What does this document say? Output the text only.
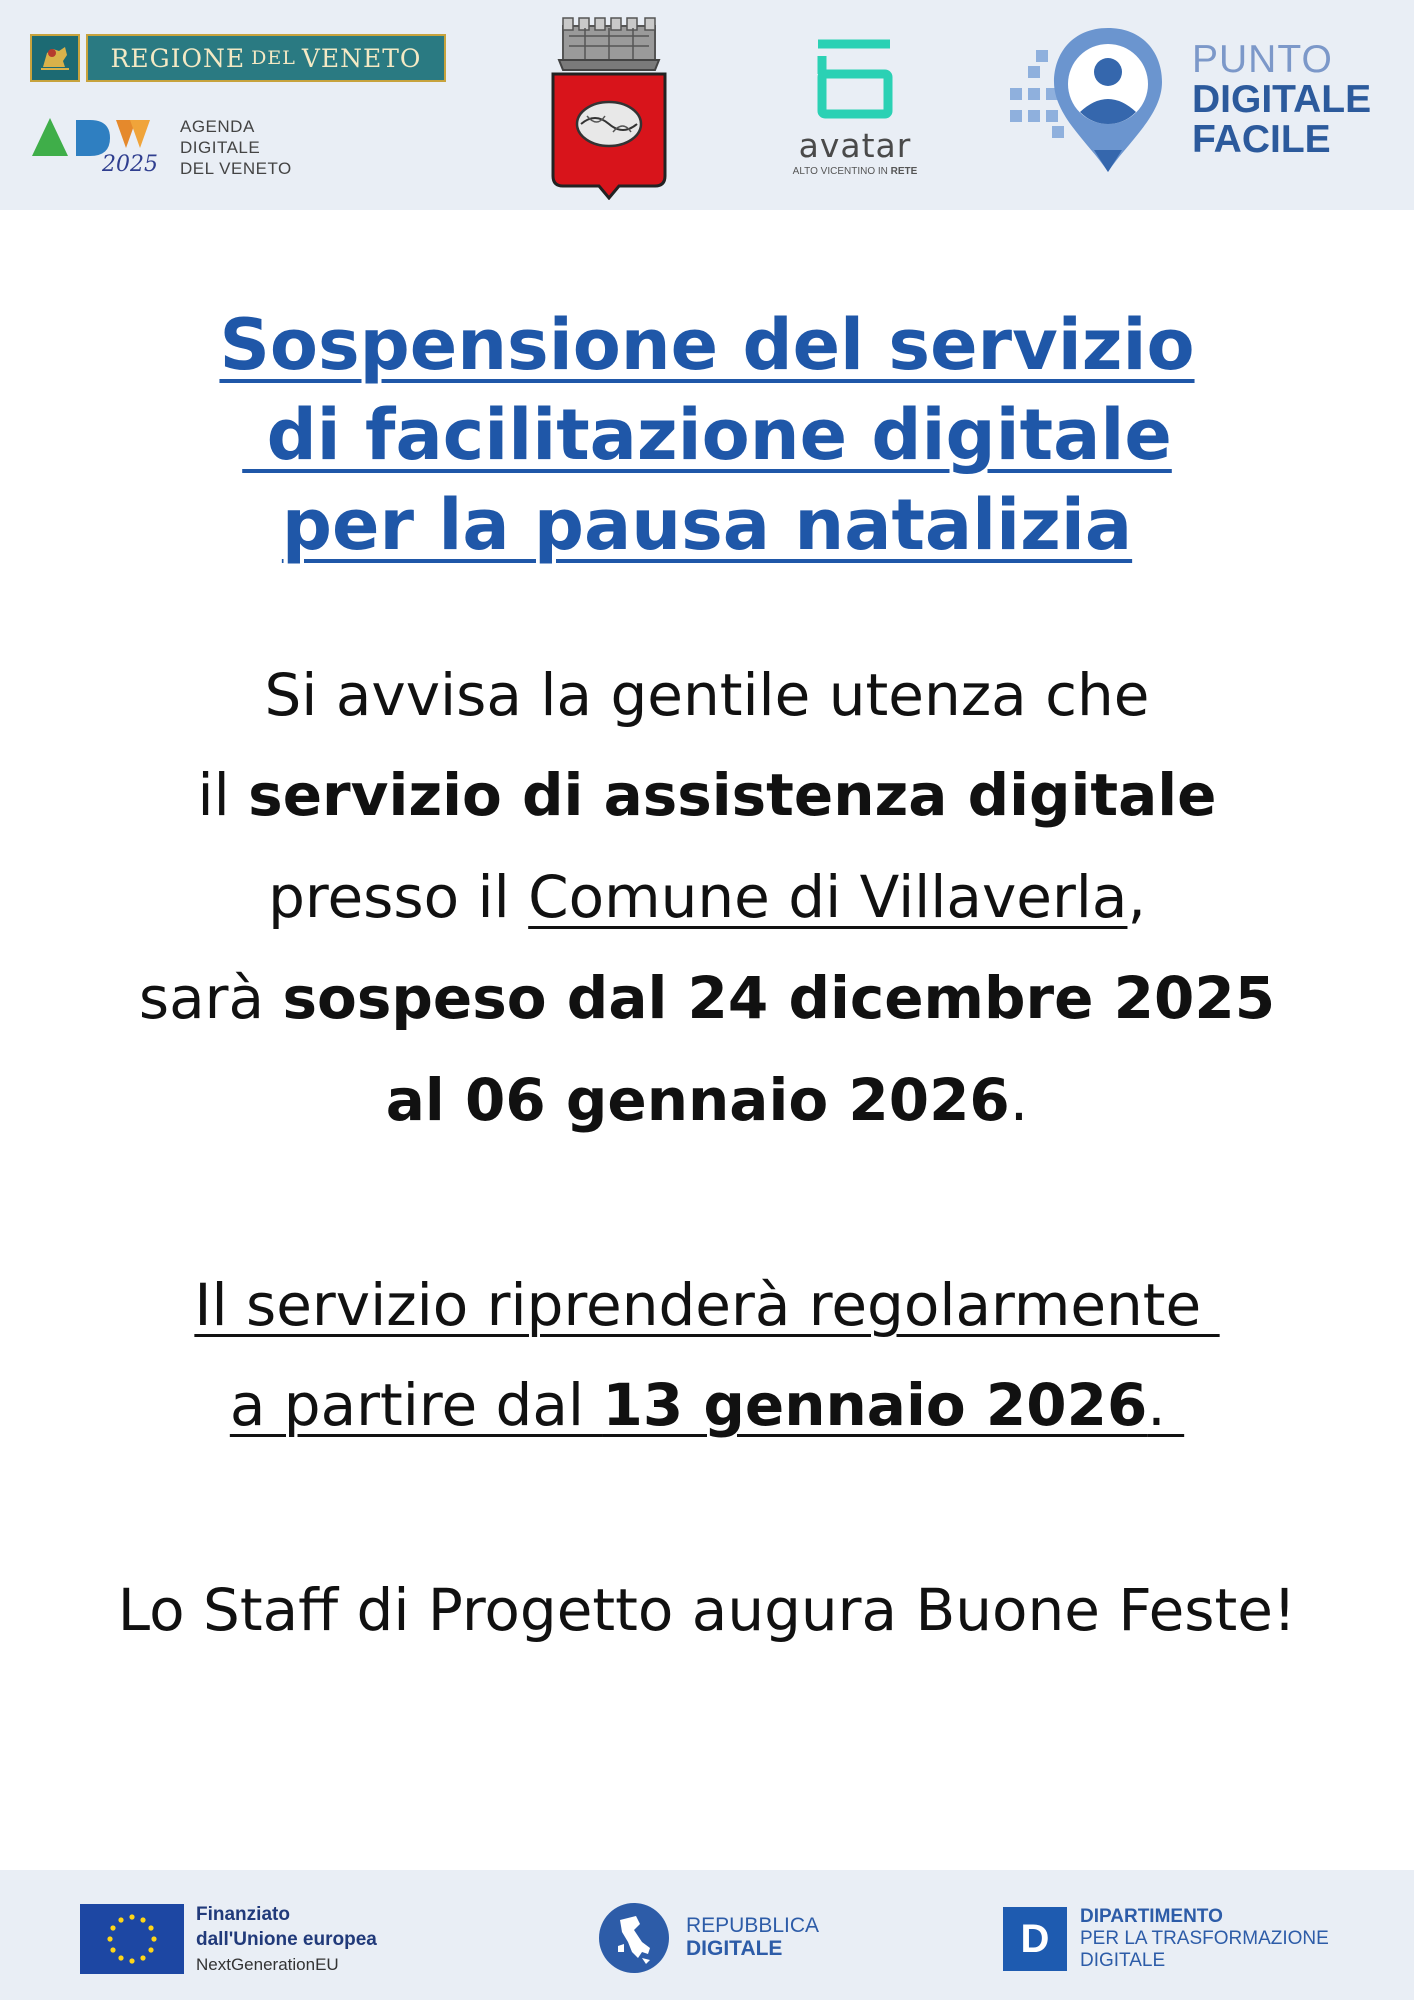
REGIONE DEL VENETO
2025
AGENDA
DIGITALE
DEL VENETO
avatar
ALTO VICENTINO IN RETE
PUNTO
DIGITALE
FACILE
Sospensione del servizio
di facilitazione digitale
per la pausa natalizia
Si avvisa la gentile utenza che
il servizio di assistenza digitale
presso il Comune di Villaverla,
sarà sospeso dal 24 dicembre 2025
al 06 gennaio 2026.
Il servizio riprenderà regolarmente
a partire dal 13 gennaio 2026.
Lo Staff di Progetto augura Buone Feste!
Finanziato
dall'Unione europea
NextGenerationEU
REPUBBLICA
DIGITALE	D DIPARTIMENTO
PER LA TRASFORMAZIONE
DIGITALE
